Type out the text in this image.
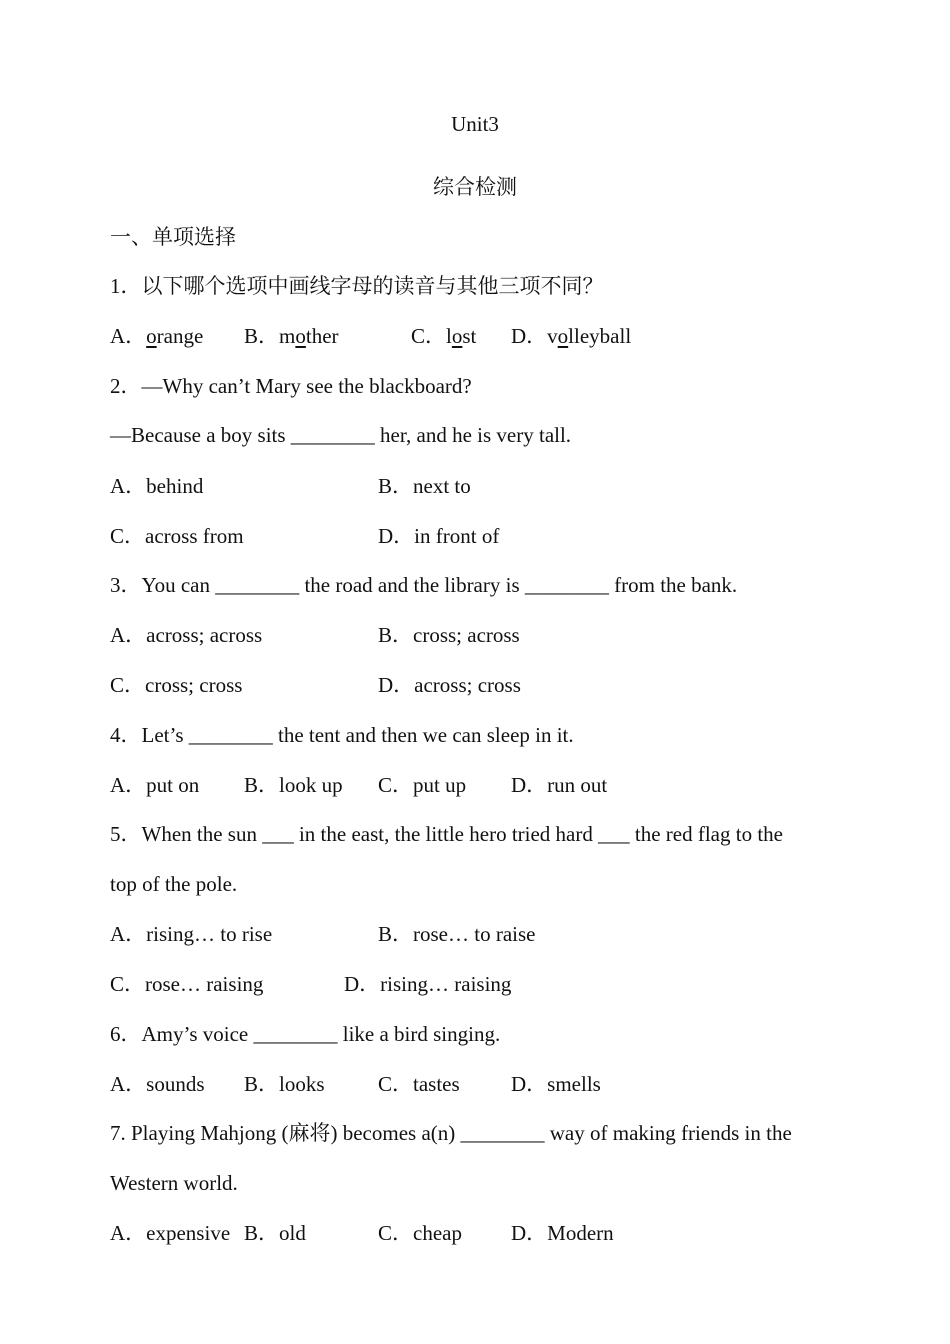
Unit3
综合检测
一、单项选择
1．以下哪个选项中画线字母的读音与其他三项不同？
A．orange B．mother	C．lost D．volleyball
2．—Why can’t Mary see the blackboard?
—Because a boy sits ________ her, and he is very tall.
A．behind	B．next to
C．across from	D．in front of
3．You can ________ the road and the library is ________ from the bank.
A．across; across	B．cross; across
C．cross; cross	D．across; cross
4．Let’s ________ the tent and then we can sleep in it.
A．put on B．look up C．put up D．run out
5．When the sun ___ in the east, the little hero tried hard ___ the red flag to the
top of the pole.
A．rising… to rise	B．rose… to raise
C．rose… raising	D．rising… raising
6．Amy’s voice ________ like a bird singing.
A．sounds B．looks	C．tastes D．smells
7. Playing Mahjong (麻将) becomes a(n) ________ way of making friends in the
Western world.
A．expensive B．old	C．cheap D．Modern
